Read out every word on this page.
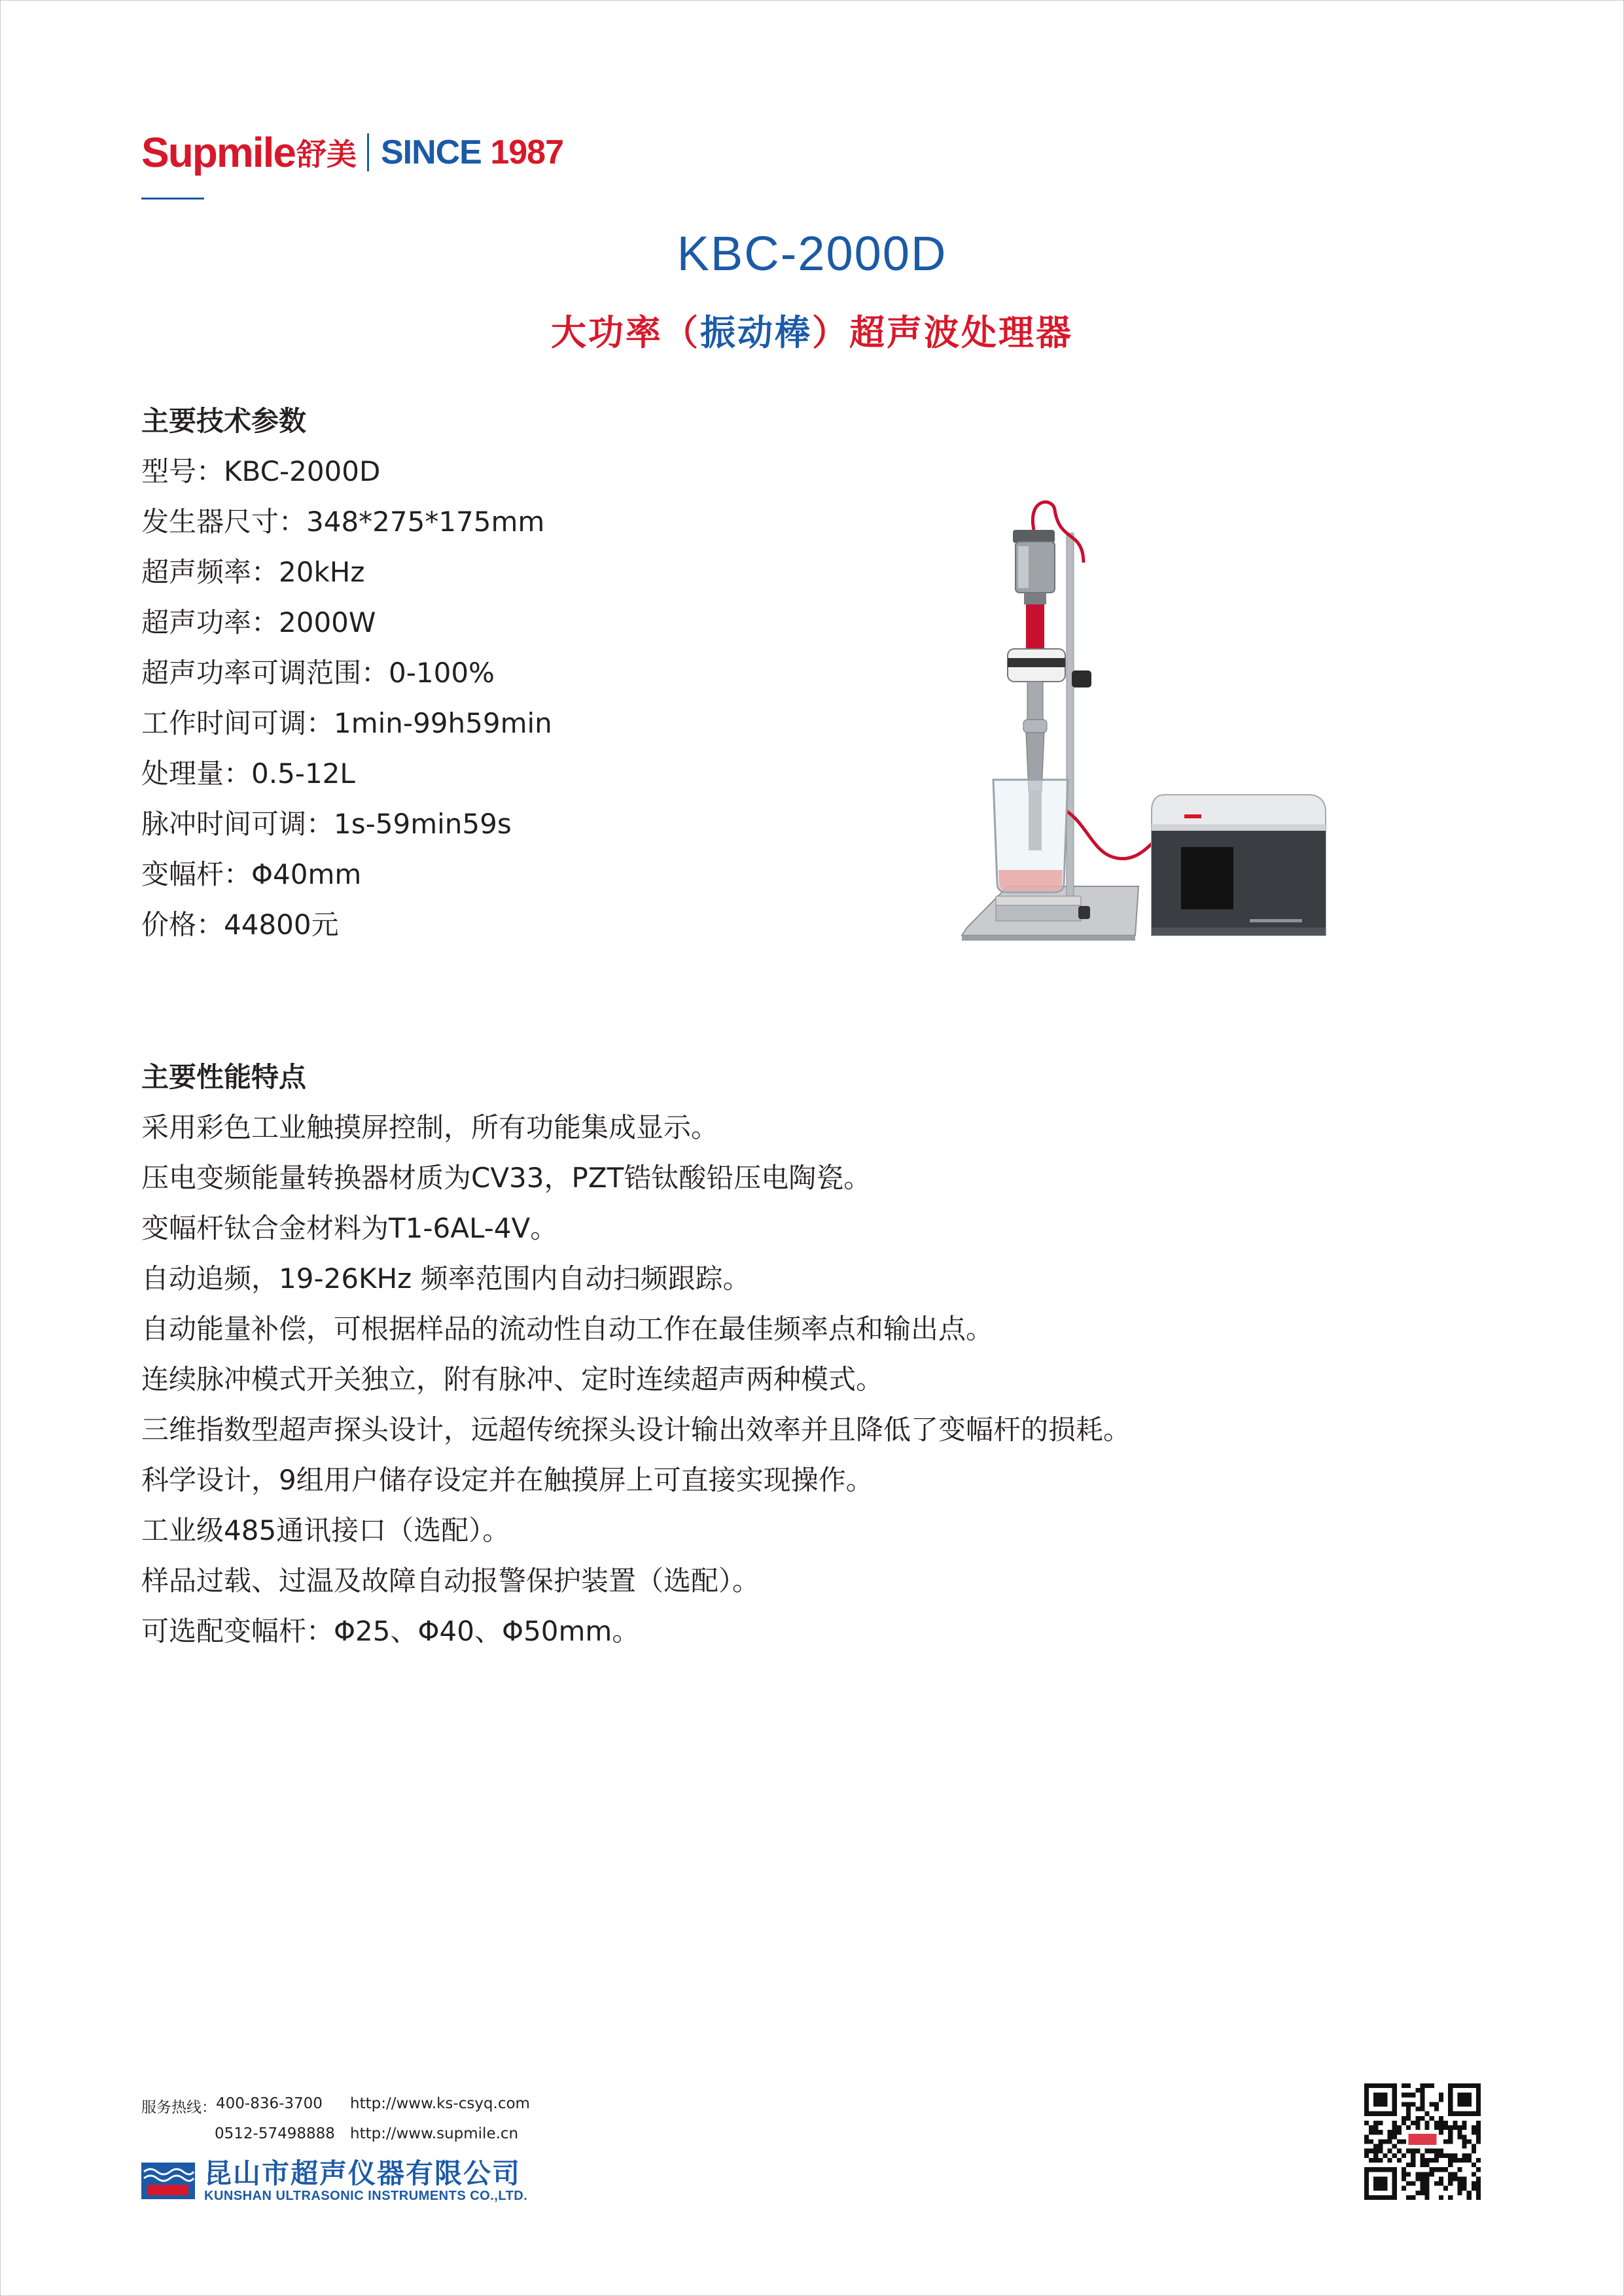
Supmile 舒美 SINCE 1987
KBC-2000D
大功率（振动棒）超声波处理器
主要技术参数
型号：KBC-2000D
发生器尺寸：348*275*175mm
超声频率：20kHz
超声功率：2000W
超声功率可调范围：0-100%
工作时间可调：1min-99h59min
处理量：0.5-12L
脉冲时间可调：1s-59min59s
变幅杆：Φ40mm
价格：44800元
主要性能特点
采用彩色工业触摸屏控制，所有功能集成显示。
压电变频能量转换器材质为CV33，PZT锆钛酸铅压电陶瓷。
变幅杆钛合金材料为T1-6AL-4V。
自动追频，19-26KHz 频率范围内自动扫频跟踪。
自动能量补偿，可根据样品的流动性自动工作在最佳频率点和输出点。
连续脉冲模式开关独立，附有脉冲、定时连续超声两种模式。
三维指数型超声探头设计，远超传统探头设计输出效率并且降低了变幅杆的损耗。
科学设计，9组用户储存设定并在触摸屏上可直接实现操作。
工业级485通讯接口（选配）。
样品过载、过温及故障自动报警保护装置（选配）。
可选配变幅杆：Φ25、Φ40、Φ50mm。
服务热线： 400-836-3700
0512-57498888
http://www.ks-csyq.com
http://www.supmile.cn
昆山市超声仪器有限公司
KUNSHAN ULTRASONIC INSTRUMENTS CO.,LTD.
